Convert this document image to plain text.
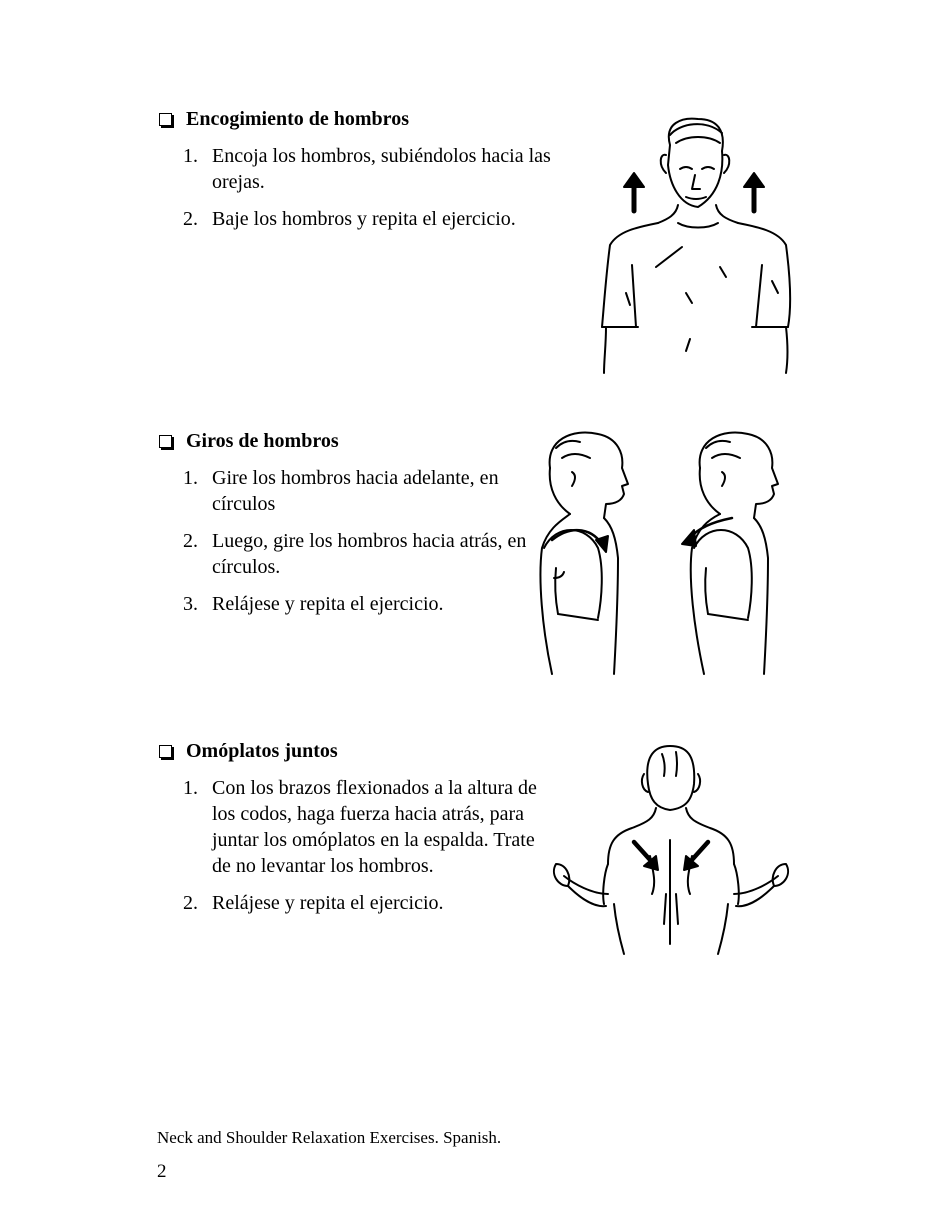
Encogimiento de hombros
1. Encoja los hombros, subiéndolos hacia las orejas.
2. Baje los hombros y repita el ejercicio.
Giros de hombros
1. Gire los hombros hacia adelante, en círculos
2. Luego, gire los hombros hacia atrás, en círculos.
3. Relájese y repita el ejercicio.
Omóplatos juntos
1. Con los brazos flexionados a la altura de los codos, haga fuerza hacia atrás, para juntar los omóplatos en la espalda. Trate de no levantar los hombros.
2. Relájese y repita el ejercicio.
Neck and Shoulder Relaxation Exercises. Spanish.
2
